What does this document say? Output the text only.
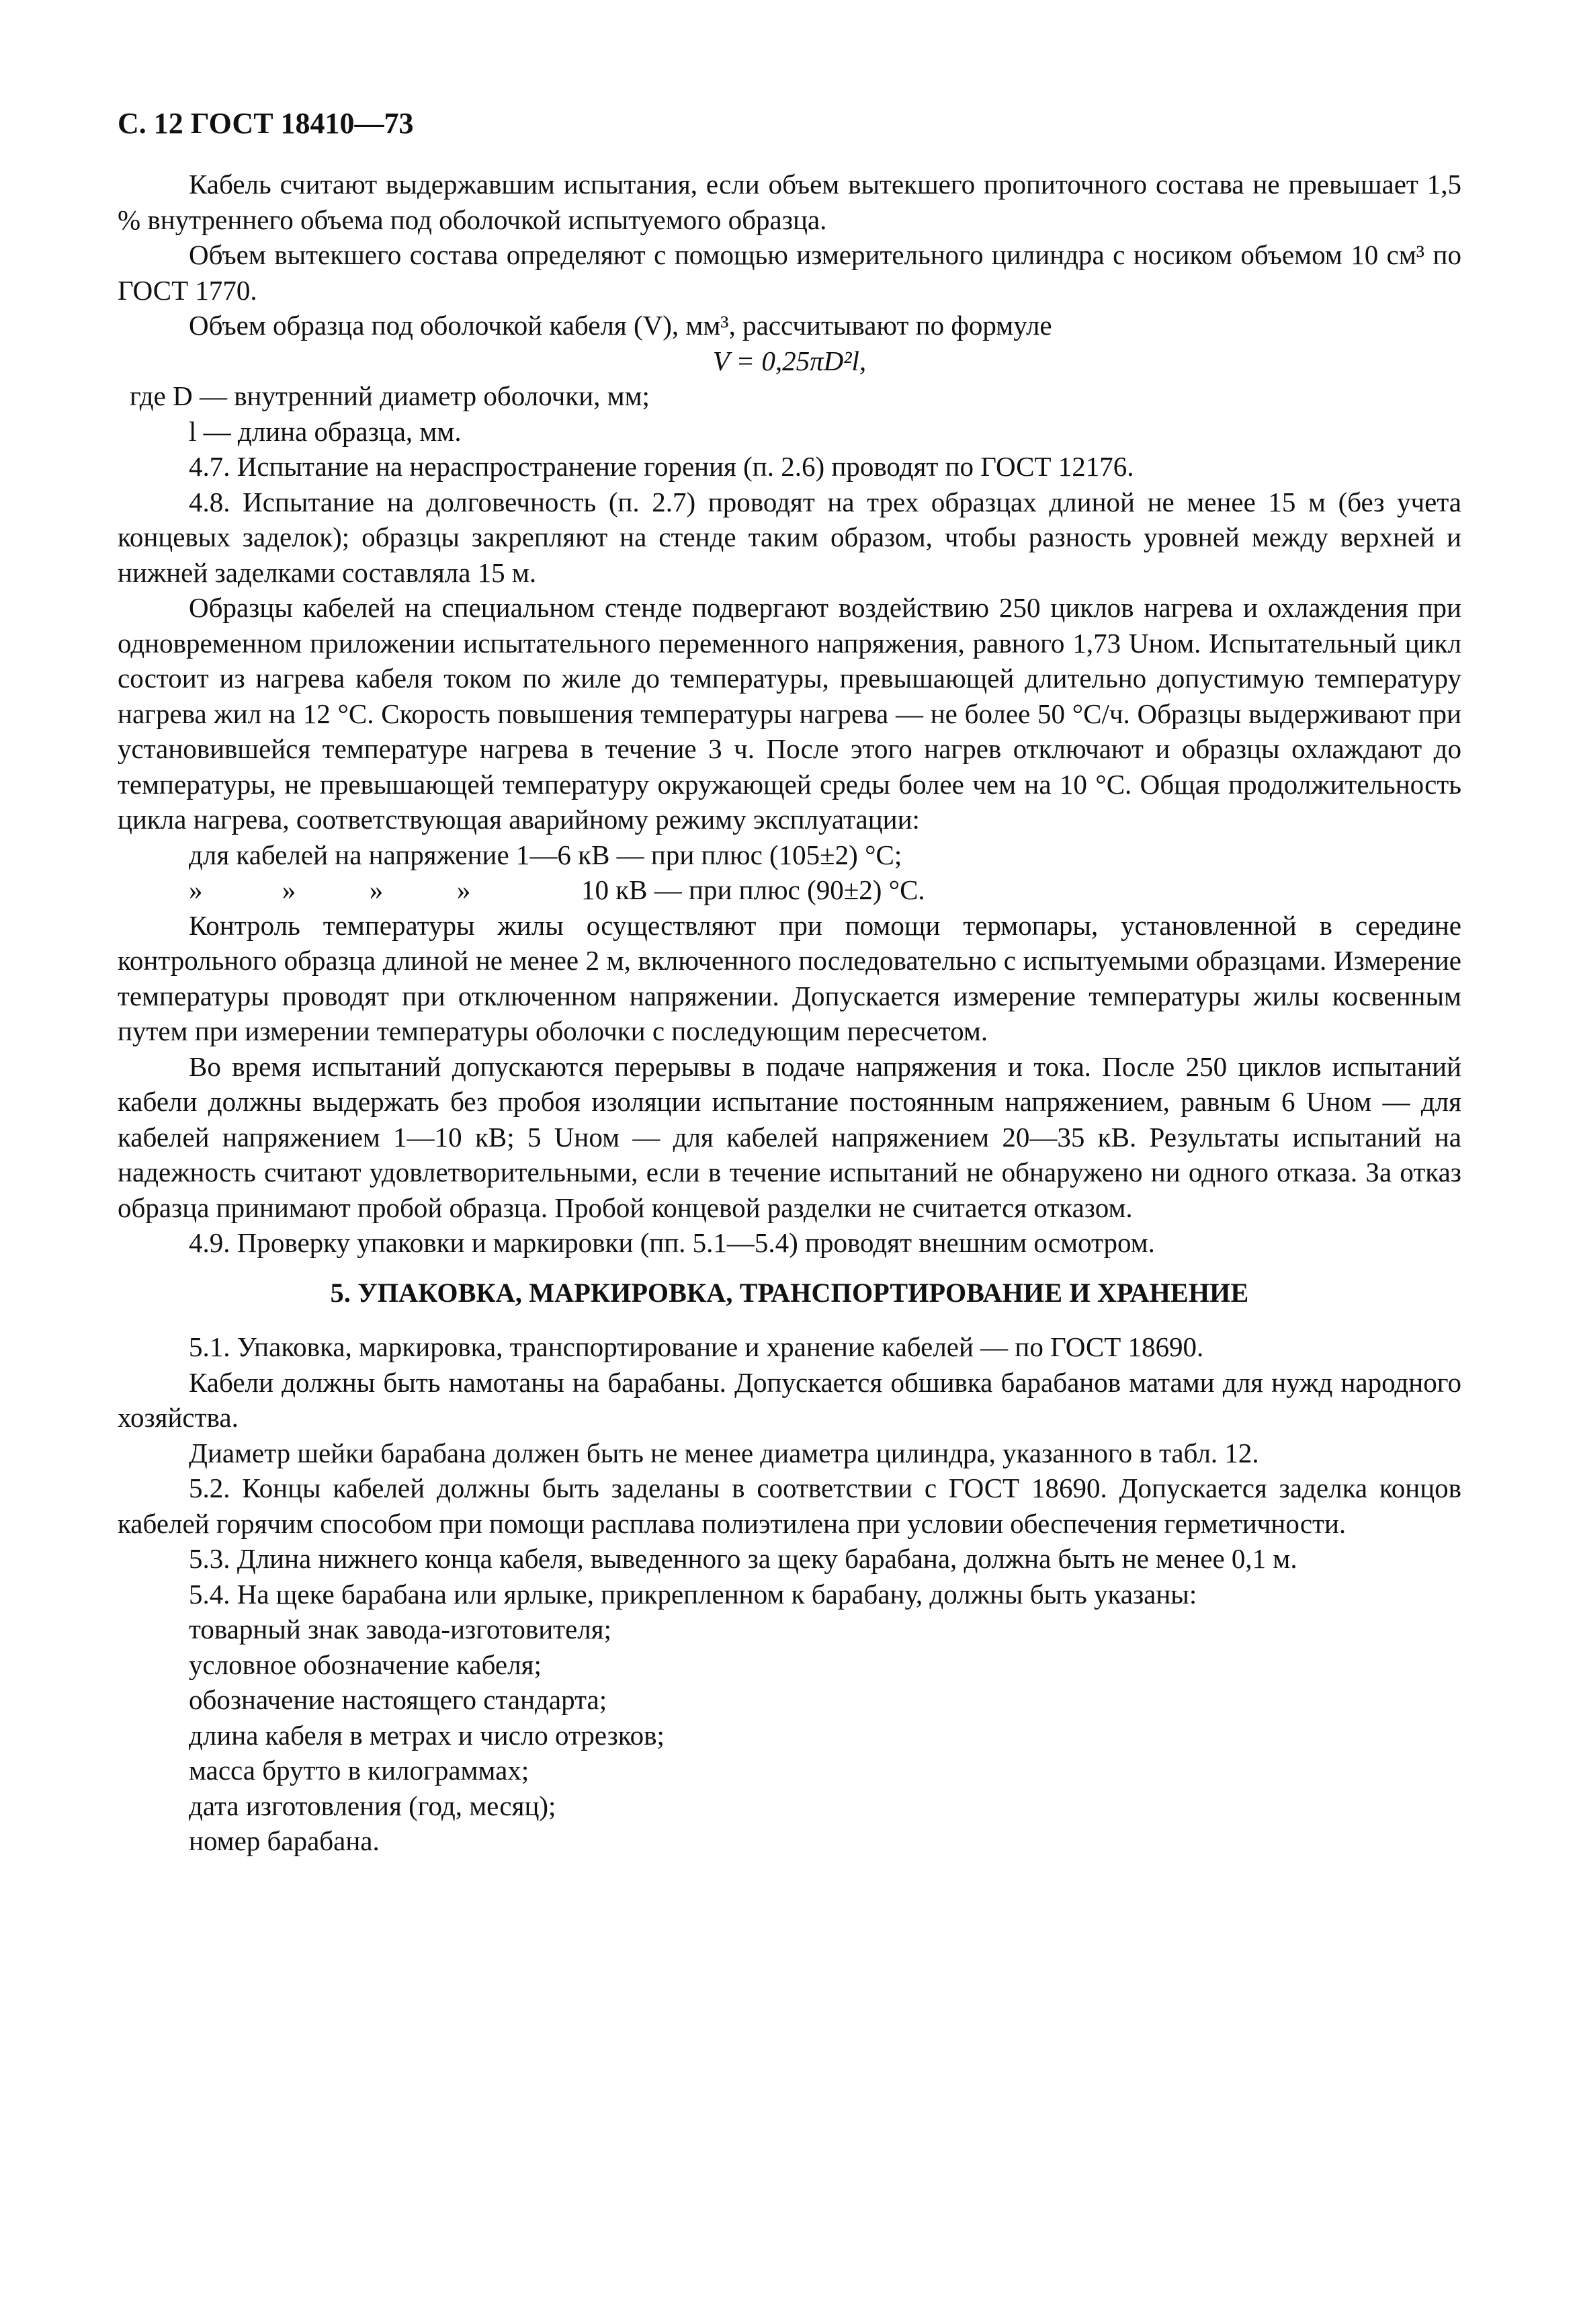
С. 12 ГОСТ 18410—73

Кабель считают выдержавшим испытания, если объем вытекшего пропиточного состава не превышает 1,5 % внутреннего объема под оболочкой испытуемого образца.

Объем вытекшего состава определяют с помощью измерительного цилиндра с носиком объемом 10 см³ по ГОСТ 1770.

Объем образца под оболочкой кабеля (V), мм³, рассчитывают по формуле

V = 0,25πD²l,

где D — внутренний диаметр оболочки, мм;

l — длина образца, мм.

4.7. Испытание на нераспространение горения (п. 2.6) проводят по ГОСТ 12176.

4.8. Испытание на долговечность (п. 2.7) проводят на трех образцах длиной не менее 15 м (без учета концевых заделок); образцы закрепляют на стенде таким образом, чтобы разность уровней между верхней и нижней заделками составляла 15 м.

Образцы кабелей на специальном стенде подвергают воздействию 250 циклов нагрева и охлаждения при одновременном приложении испытательного переменного напряжения, равного 1,73 Uном. Испытательный цикл состоит из нагрева кабеля током по жиле до температуры, превышающей длительно допустимую температуру нагрева жил на 12 °С. Скорость повышения температуры нагрева — не более 50 °С/ч. Образцы выдерживают при установившейся температуре нагрева в течение 3 ч. После этого нагрев отключают и образцы охлаждают до температуры, не превышающей температуру окружающей среды более чем на 10 °С. Общая продолжительность цикла нагрева, соответствующая аварийному режиму эксплуатации:

для кабелей на напряжение 1—6 кВ — при плюс (105±2) °С;

»	»	»	»	10 кВ — при плюс (90±2) °С.

Контроль температуры жилы осуществляют при помощи термопары, установленной в середине контрольного образца длиной не менее 2 м, включенного последовательно с испытуемыми образцами. Измерение температуры проводят при отключенном напряжении. Допускается измерение температуры жилы косвенным путем при измерении температуры оболочки с последующим пересчетом.

Во время испытаний допускаются перерывы в подаче напряжения и тока. После 250 циклов испытаний кабели должны выдержать без пробоя изоляции испытание постоянным напряжением, равным 6 Uном — для кабелей напряжением 1—10 кВ; 5 Uном — для кабелей напряжением 20—35 кВ. Результаты испытаний на надежность считают удовлетворительными, если в течение испытаний не обнаружено ни одного отказа. За отказ образца принимают пробой образца. Пробой концевой разделки не считается отказом.

4.9. Проверку упаковки и маркировки (пп. 5.1—5.4) проводят внешним осмотром.

5. УПАКОВКА, МАРКИРОВКА, ТРАНСПОРТИРОВАНИЕ И ХРАНЕНИЕ

5.1. Упаковка, маркировка, транспортирование и хранение кабелей — по ГОСТ 18690.

Кабели должны быть намотаны на барабаны. Допускается обшивка барабанов матами для нужд народного хозяйства.

Диаметр шейки барабана должен быть не менее диаметра цилиндра, указанного в табл. 12.

5.2. Концы кабелей должны быть заделаны в соответствии с ГОСТ 18690. Допускается заделка концов кабелей горячим способом при помощи расплава полиэтилена при условии обеспечения герметичности.

5.3. Длина нижнего конца кабеля, выведенного за щеку барабана, должна быть не менее 0,1 м.

5.4. На щеке барабана или ярлыке, прикрепленном к барабану, должны быть указаны:

товарный знак завода-изготовителя;

условное обозначение кабеля;

обозначение настоящего стандарта;

длина кабеля в метрах и число отрезков;

масса брутто в килограммах;

дата изготовления (год, месяц);

номер барабана.
